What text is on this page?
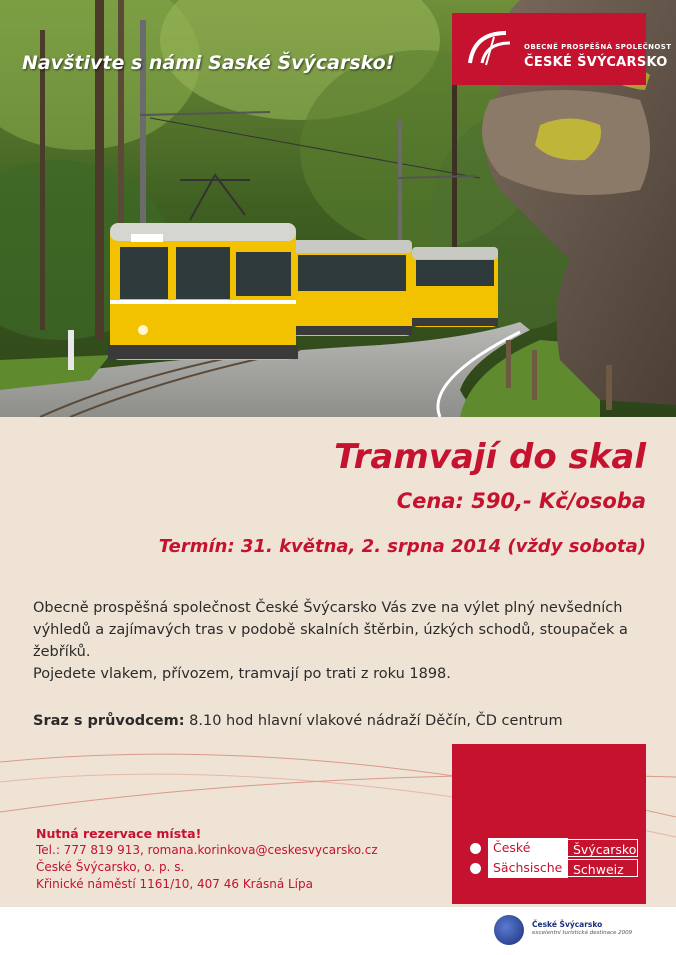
Navštivte s námi Saské Švýcarsko!
OBECNĚ PROSPĚŠNÁ SPOLEČNOST
ČESKÉ ŠVÝCARSKO
Tramvají do skal
Cena: 590,- Kč/osoba
Termín: 31. května, 2. srpna 2014 (vždy sobota)

Obecně prospěšná společnost České Švýcarsko Vás zve na výlet plný nevšedních výhledů a zajímavých tras v podobě skalních štěrbin, úzkých schodů, stoupaček a žebříků.

Pojedete vlakem, přívozem, tramvají po trati z roku 1898.

Sraz s průvodcem: 8.10 hod hlavní vlakové nádraží Děčín, ČD centrum
Nutná rezervace místa!
Tel.: 777 819 913, romana.korinkova@ceskesvycarsko.cz
České Švýcarsko, o. p. s.
Křinické náměstí 1161/10, 407 46 Krásná Lípa
České	Švýcarsko
Sächsische Schweiz
České Švýcarsko
excelentní turistická destinace 2009
